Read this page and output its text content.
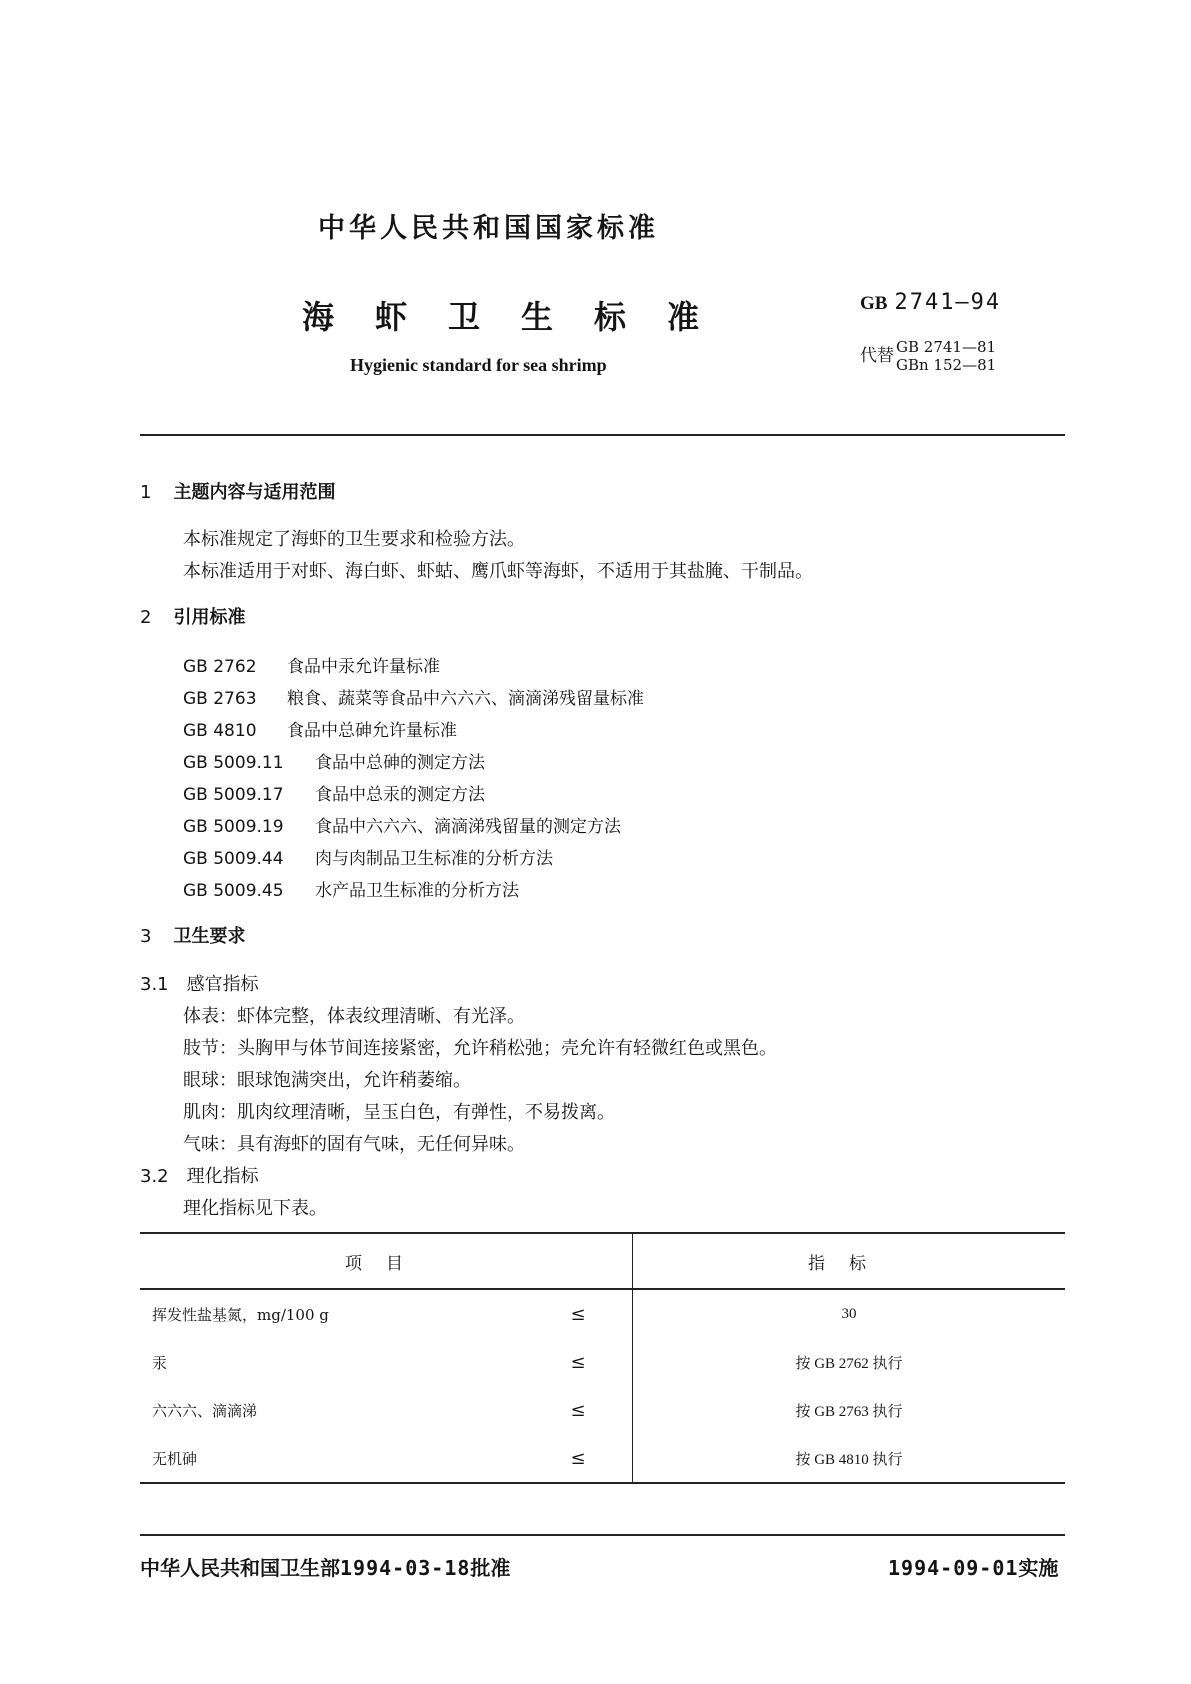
中华人民共和国国家标准
海虾卫生标准
Hygienic standard for sea shrimp
GB 2741—94
代替 GB 2741—81
GBn 152—81
1 主题内容与适用范围
本标准规定了海虾的卫生要求和检验方法。
本标准适用于对虾、海白虾、虾蛄、鹰爪虾等海虾，不适用于其盐腌、干制品。
2 引用标准
GB 2762 食品中汞允许量标准
GB 2763 粮食、蔬菜等食品中六六六、滴滴涕残留量标准
GB 4810 食品中总砷允许量标准
GB 5009.11 食品中总砷的测定方法
GB 5009.17 食品中总汞的测定方法
GB 5009.19 食品中六六六、滴滴涕残留量的测定方法
GB 5009.44 肉与肉制品卫生标准的分析方法
GB 5009.45 水产品卫生标准的分析方法
3 卫生要求
3.1 感官指标
体表：虾体完整，体表纹理清晰、有光泽。
肢节：头胸甲与体节间连接紧密，允许稍松弛；壳允许有轻微红色或黑色。
眼球：眼球饱满突出，允许稍萎缩。
肌肉：肌肉纹理清晰，呈玉白色，有弹性，不易拨离。
气味：具有海虾的固有气味，无任何异味。
3.2 理化指标
理化指标见下表。
项目		指标
挥发性盐基氮，mg/100 g	≤	30
汞	≤	按 GB 2762 执行
六六六、滴滴涕	≤	按 GB 2763 执行
无机砷	≤	按 GB 4810 执行
中华人民共和国卫生部1994-03-18批准	1994-09-01实施
